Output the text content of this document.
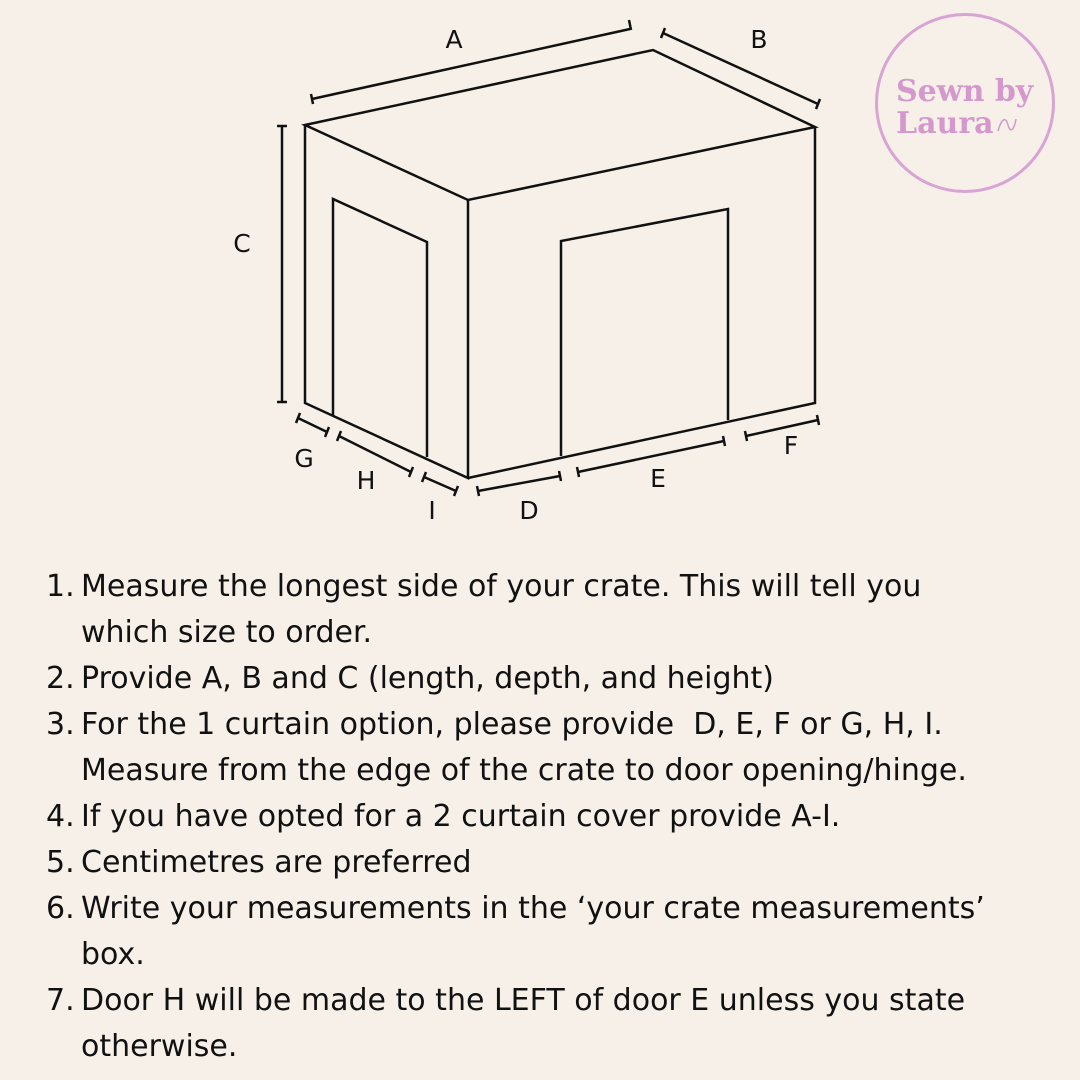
A	B
C
G
H
I	D
E
F
Sewn by
Laura
1. Measure the longest side of your crate. This will tell you
which size to order.
2. Provide A, B and C (length, depth, and height)
3. For the 1 curtain option, please provide  D, E, F or G, H, I.
Measure from the edge of the crate to door opening/hinge.
4. If you have opted for a 2 curtain cover provide A-I.
5. Centimetres are preferred
6. Write your measurements in the ‘your crate measurements’
box.
7. Door H will be made to the LEFT of door E unless you state
otherwise.
